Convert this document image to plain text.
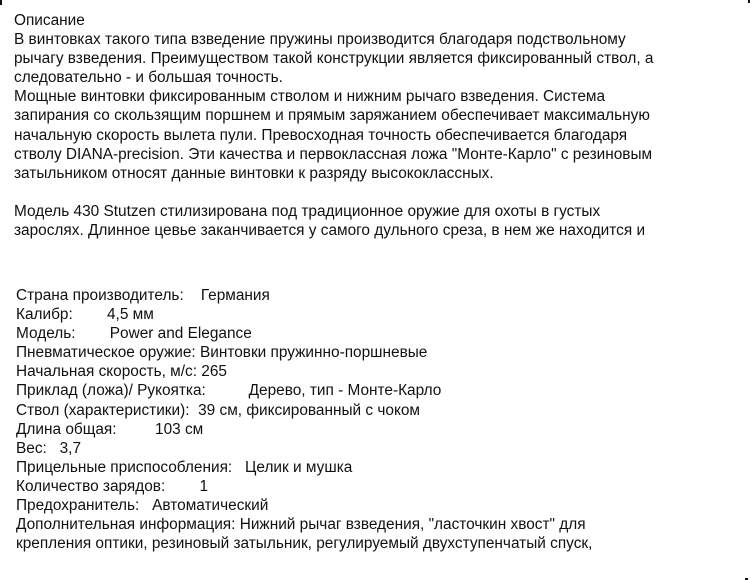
Описание

В винтовках такого типа взведение пружины производится благодаря подствольному
рычагу взведения. Преимуществом такой конструкции является фиксированный ствол, а
следовательно - и большая точность.

Мощные винтовки фиксированным стволом и нижним рычаго взведения. Система
запирания со скользящим поршнем и прямым заряжанием обеспечивает максимальную
начальную скорость вылета пули. Превосходная точность обеспечивается благодаря
стволу DIANA-precision. Эти качества и первоклассная ложа "Монте-Карло" с резиновым
затыльником относят данные винтовки к разряду высококлассных.

Модель 430 Stutzen стилизирована под традиционное оружие для охоты в густых
зарослях. Длинное цевье заканчивается у самого дульного среза, в нем же находится и

Страна производитель: Германия
Калибр: 4,5 мм
Модель: Power and Elegance
Пневматическое оружие: Винтовки пружинно-поршневые
Начальная скорость, м/с: 265
Приклад (ложа)/ Рукоятка:	Дерево, тип - Монте-Карло
Ствол (характеристики): 39 см, фиксированный с чоком
Длина общая: 103 см
Вес: 3,7
Прицельные приспособления: Целик и мушка
Количество зарядов: 1
Предохранитель: Автоматический
Дополнительная информация: Нижний рычаг взведения, "ласточкин хвост" для
крепления оптики, резиновый затыльник, регулируемый двухступенчатый спуск,
